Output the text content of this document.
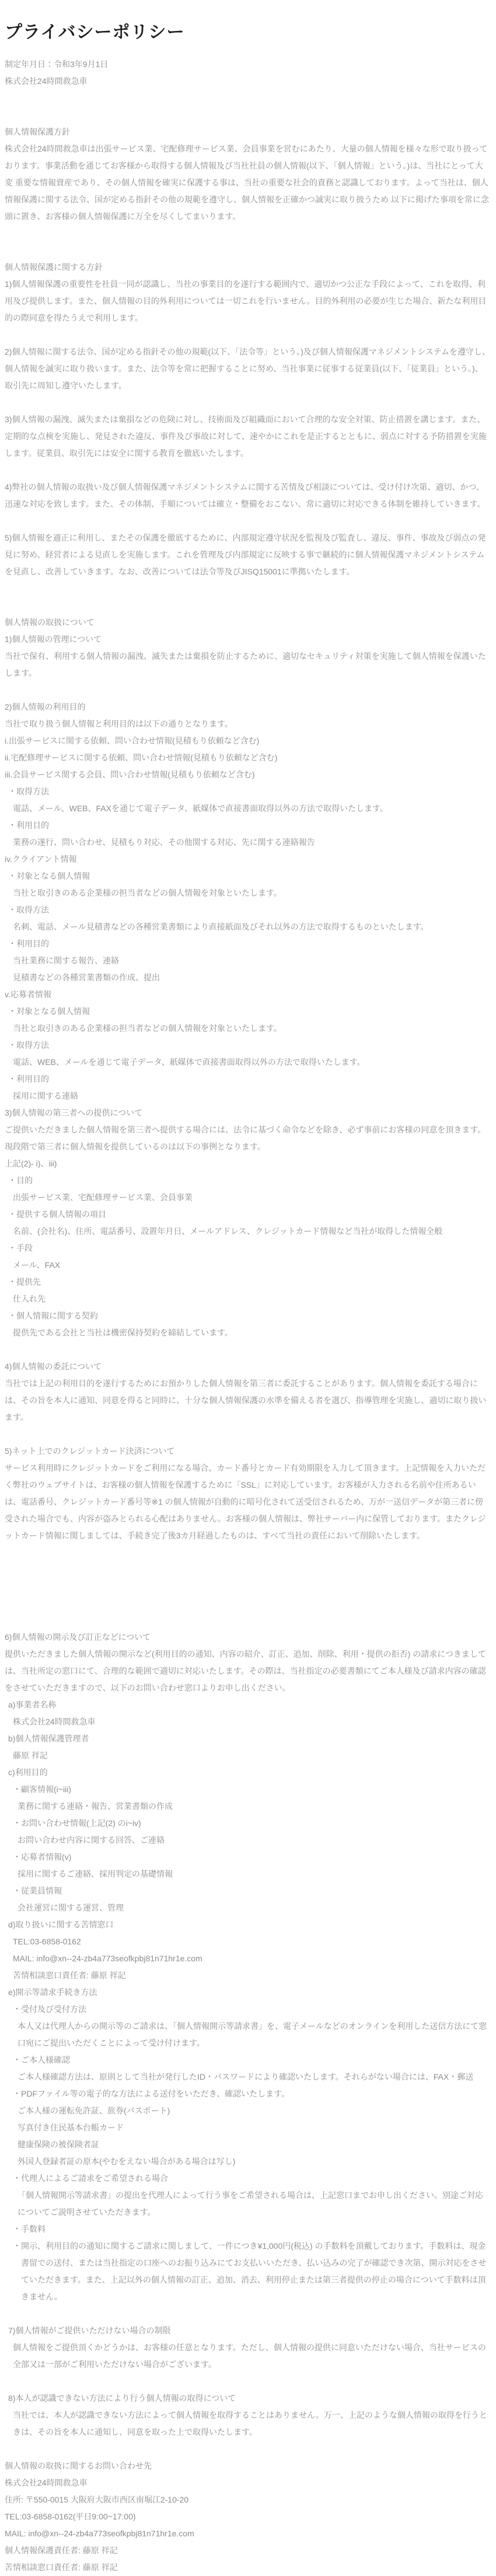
プライバシーポリシー
制定年月日：令和3年9月1日
株式会社24時間救急車
個人情報保護方針
株式会社24時間救急車は出張サービス業、宅配修理サービス業、会員事業を営むにあたり、大量の個人情報を様々な形で取り扱っております。事業活動を通じてお客様から取得する個人情報及び当社社員の個人情報(以下、「個人情報」という。)は、当社にとって大変 重要な情報資産であり、その個人情報を確実に保護する事は、当社の重要な社会的責務と認識しております。よって当社は、個人情報保護に関する法令、国が定める指針その他の規範を遵守し、個人情報を正確かつ誠実に取り扱うため 以下に掲げた事項を常に念頭に置き、お客様の個人情報保護に万全を尽くしてまいります。
個人情報保護に関する方針
1)個人情報保護の重要性を社員一同が認識し、当社の事業目的を遂行する範囲内で、適切かつ公正な手段によって、これを取得、利用及び提供します。また、個人情報の目的外利用については一切これを行いません。目的外利用の必要が生じた場合、新たな利用目的の際同意を得たうえで利用します。
2)個人情報に関する法令、国が定める指針その他の規範(以下、「法令等」という。)及び個人情報保護マネジメントシステムを遵守し、個人情報を誠実に取り扱います。また、法令等を常に把握することに努め、当社事業に従事する従業員(以下、「従業員」という。)、取引先に周知し遵守いたします。
3)個人情報の漏洩、滅失または棄損などの危険に対し、技術面及び組織面において合理的な安全対策、防止措置を講じます。また、定期的な点検を実施し、発見された違反、事件及び事故に対して、速やかにこれを是正するとともに、弱点に対する予防措置を実施します。従業員、取引先には安全に関する教育を徹底いたします。
4)弊社の個人情報の取扱い及び個人情報保護マネジメントシステムに関する苦情及び相談については、受け付け次第、適切、かつ、迅速な対応を致します。また、その体制、手順については確立・整備をおこない、常に適切に対応できる体制を維持していきます。
5)個人情報を適正に利用し、またその保護を徹底するために、内部規定遵守状況を監視及び監査し、違反、事件、事故及び弱点の発見に努め、経営者による見直しを実施します。これを管理及び内部規定に反映する事で継続的に個人情報保護マネジメントシステムを見直し、改善していきます。なお、改善については法令等及びJISQ15001に準拠いたします。
個人情報の取扱について
1)個人情報の管理について
当社で保有、利用する個人情報の漏洩、滅失または棄損を防止するために、適切なセキュリティ対策を実施して個人情報を保護いたします。
2)個人情報の利用目的
当社で取り扱う個人情報と利用目的は以下の通りとなります。
i.出張サービスに関する依頼、問い合わせ情報(見積もり依頼など含む)
ii.宅配修理サービスに関する依頼、問い合わせ情報(見積もり依頼など含む)
iii.会員サービス関する会員、問い合わせ情報(見積もり依頼など含む)
・取得方法
電話、メール、WEB、FAXを通じて電子データ、紙媒体で直接書面取得以外の方法で取得いたします。
・利用目的
業務の遂行、問い合わせ、見積もり対応、その他関する対応、先に関する連絡報告
iv.クライアント情報
・対象となる個人情報
当社と取引きのある企業様の担当者などの個人情報を対象といたします。
・取得方法
名刺、電話、メール見積書などの各種営業書類により直接紙面及びそれ以外の方法で取得するものといたします。
・利用目的
当社業務に関する報告、連絡
見積書などの各種営業書類の作成、提出
v.応募者情報
・対象となる個人情報
当社と取引きのある企業様の担当者などの個人情報を対象といたします。
・取得方法
電話、WEB、メールを通じて電子データ、紙媒体で直接書面取得以外の方法で取得いたします。
・利用目的
採用に関する連絡
3)個人情報の第三者への提供について
ご提供いただきました個人情報を第三者へ提供する場合には、法令に基づく命令などを除き、必ず事前にお客様の同意を頂きます。現段階で第三者に個人情報を提供しているのは以下の事例となります。
上記(2)- i)、iii)
・目的
出張サービス業、宅配修理サービス業、会員事業
・提供する個人情報の項目
名前、(会社名)、住所、電話番号、設置年月日、メールアドレス、クレジットカード情報など当社が取得した情報全般
・手段
メール、FAX
・提供先
仕入れ先
・個人情報に関する契約
提供先である会社と当社は機密保持契約を締結しています。
4)個人情報の委託について
当社では上記の利用目的を遂行するためにお預かりした個人情報を第三者に委託することがあります。個人情報を委託する場合には、その旨を本人に通知、同意を得ると同時に、十分な個人情報保護の水準を備える者を選び、指導管理を実施し、適切に取り扱います。
5)ネット上でのクレジットカード決済について
サービス利用時にクレジットカードをご利用になる場合、カード番号とカード有効期限を入力して頂きます。上記情報を入力いただく弊社のウェブサイトは、お客様の個人情報を保護するために「SSL」に対応しています。お客様が入力される名前や住所あるいは、電話番号、クレジットカード番号等※1 の個人情報が自動的に暗号化されて送受信されるため、万が一送信データが第三者に傍受された場合でも、内容が盗みとられる心配はありません。お客様の個人情報は、弊社サーバー内に保管しております。またクレジットカード情報に関しましては、手続き完了後3カ月経過したものは、すべて当社の責任において削除いたします。
6)個人情報の開示及び訂正などについて
提供いただきました個人情報の開示など(利用目的の通知、内容の紹介、訂正、追加、削除、利用・提供の拒否) の請求につきましては、当社所定の窓口にて、合理的な範囲で適切に対応いたします。その際は、当社指定の必要書類にてご本人様及び請求内容の確認をさせていただきますので、以下のお問い合わせ窓口よりお申し出ください。
a)事業者名称
株式会社24時間救急車
b)個人情報保護管理者
藤原 祥記
c)利用目的
・顧客情報(i~iii)
業務に関する連絡・報告、営業書類の作成
・お問い合わせ情報(上記(2) のi~iv)
お問い合わせ内容に関する回答、ご連絡
・応募者情報(v)
採用に関するご連絡、採用判定の基礎情報
・従業員情報
会社運営に関する運営、管理
d)取り扱いに関する苦情窓口
TEL:03-6858-0162
MAIL: info@xn--24-zb4a773seofkpbj81n71hr1e.com
苦情相談窓口責任者: 藤原 祥記
e)開示等請求手続き方法
・受付及び受付方法
本人又は代理人からの開示等のご請求は、「個人情報開示等請求書」を、電子メールなどのオンラインを利用した送信方法にて窓口宛にご提出いただくことによって受け付けます。
・ご本人様確認
ご本人様確認方法は、原則として当社が発行したID・パスワードにより確認いたします。それらがない場合には、FAX・郵送
・PDFファイル等の電子的な方法による送付をいただき、確認いたします。
ご本人様の運転免許証、旅券(パスポート)
写真付き住民基本台帳カード
健康保険の被保険者証
外国人登録者証の原本(やむをえない場合がある場合は写し)
・代理人によるご請求をご希望される場合
「個人情報開示等請求書」の提出を代理人によって行う事をご希望される場合は、上記窓口までお申し出ください。別途ご対応についてご説明させていただきます。
・手数料
・開示、利用目的の通知に関するご請求に関しまして、一件につき¥1,000円(税込) の手数料を頂戴しております。手数料は、現金書留での送付、または当社指定の口座へのお振り込みにてお支払いいただき、払い込みの完了が確認でき次第、開示対応をさせていただきます。また、上記以外の個人情報の訂正、追加、消去、利用停止または第三者提供の停止の場合について手数料は頂きません。
7)個人情報がご提供いただけない場合の制限
個人情報をご提供頂くかどうかは、お客様の任意となります。ただし、個人情報の提供に同意いただけない場合、当社サービスの全部又は一部がご利用いただけない場合がございます。
8)本人が認識できない方法により行う個人情報の取得について
当社では、本人が認識できない方法によって個人情報を取得することはありません。万一、上記のような個人情報の取得を行うときは、その旨を本人に通知し、同意を取った上で取得いたします。
個人情報の取扱に関するお問い合わせ先
株式会社24時間救急車
住所: 〒550-0015 大阪府大阪市西区南堀江2-10-20
TEL:03-6858-0162(平日9:00~17:00)
MAIL: info@xn--24-zb4a773seofkpbj81n71hr1e.com
個人情報保護責任者: 藤原 祥記
苦情相談窓口責任者: 藤原 祥記
